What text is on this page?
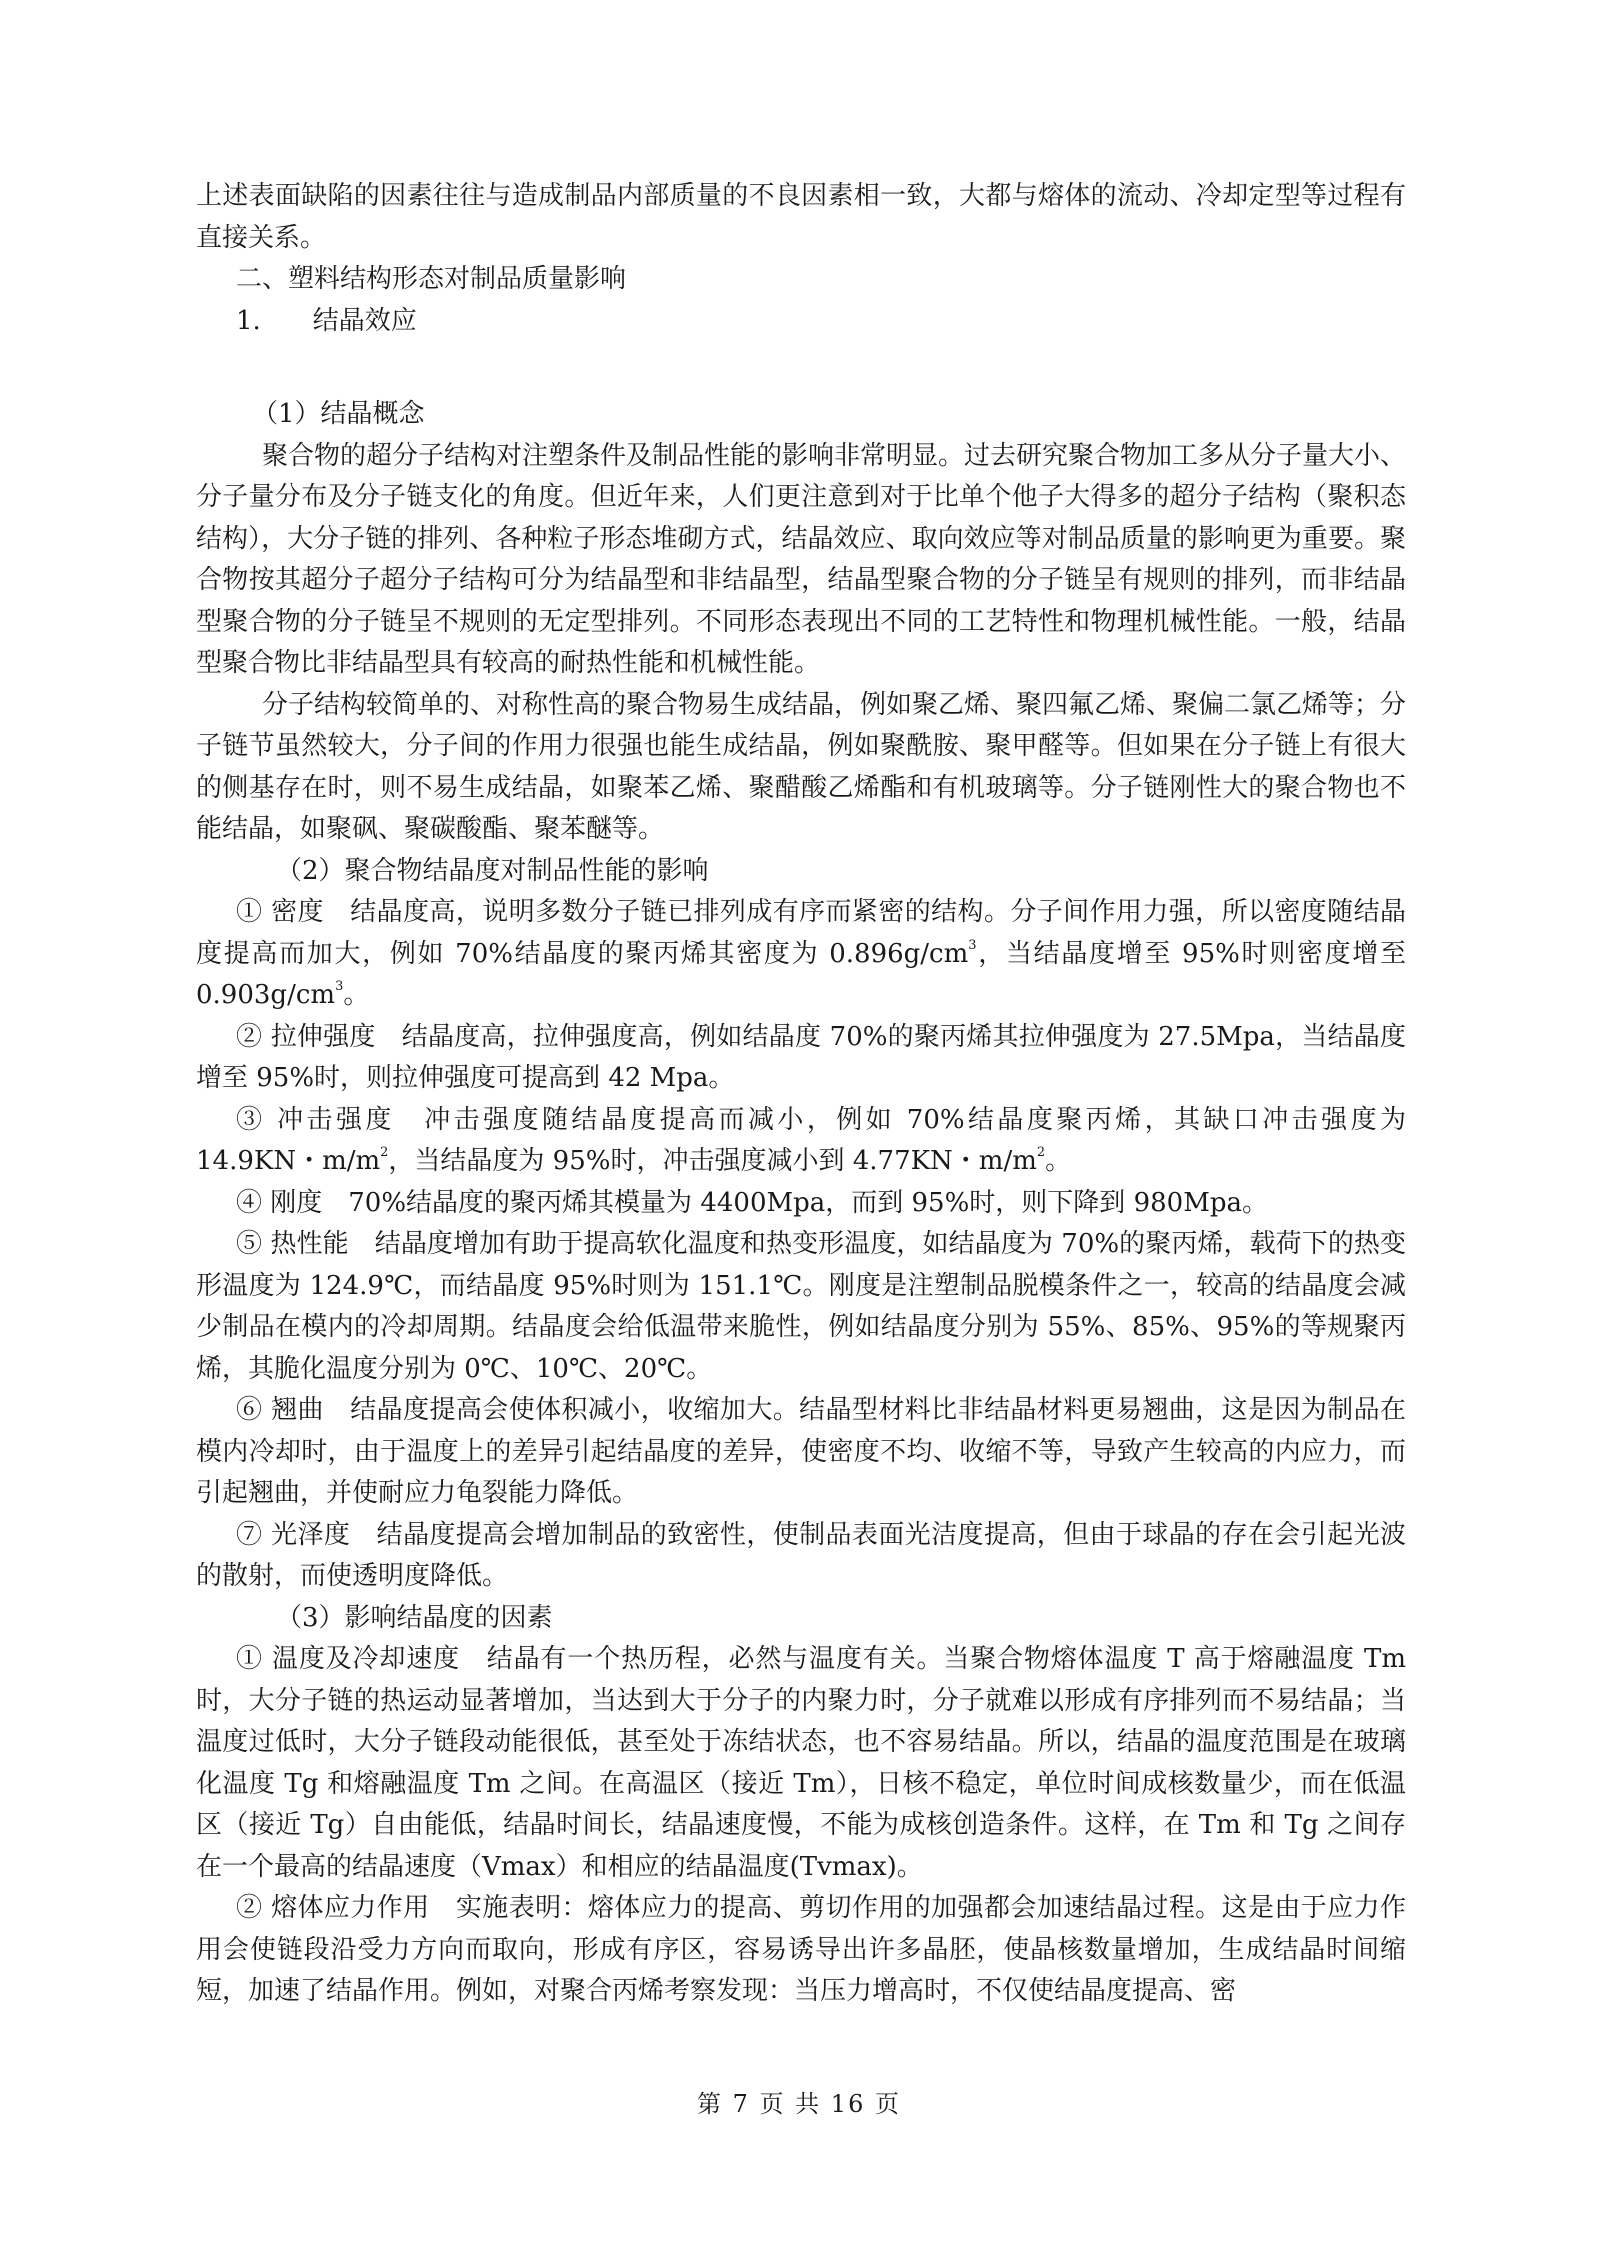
上述表面缺陷的因素往往与造成制品内部质量的不良因素相一致，大都与熔体的流动、冷却定型等过程有直接关系。

二、塑料结构形态对制品质量影响

1.　　结晶效应

（1）结晶概念

聚合物的超分子结构对注塑条件及制品性能的影响非常明显。过去研究聚合物加工多从分子量大小、分子量分布及分子链支化的角度。但近年来，人们更注意到对于比单个他子大得多的超分子结构（聚积态结构），大分子链的排列、各种粒子形态堆砌方式，结晶效应、取向效应等对制品质量的影响更为重要。聚合物按其超分子超分子结构可分为结晶型和非结晶型，结晶型聚合物的分子链呈有规则的排列，而非结晶型聚合物的分子链呈不规则的无定型排列。不同形态表现出不同的工艺特性和物理机械性能。一般，结晶型聚合物比非结晶型具有较高的耐热性能和机械性能。

分子结构较简单的、对称性高的聚合物易生成结晶，例如聚乙烯、聚四氟乙烯、聚偏二氯乙烯等；分子链节虽然较大，分子间的作用力很强也能生成结晶，例如聚酰胺、聚甲醛等。但如果在分子链上有很大的侧基存在时，则不易生成结晶，如聚苯乙烯、聚醋酸乙烯酯和有机玻璃等。分子链刚性大的聚合物也不能结晶，如聚砜、聚碳酸酯、聚苯醚等。

（2）聚合物结晶度对制品性能的影响

① 密度　结晶度高，说明多数分子链已排列成有序而紧密的结构。分子间作用力强，所以密度随结晶度提高而加大，例如 70%结晶度的聚丙烯其密度为 $0.896g/cm^3$，当结晶度增至 95%时则密度增至 $0.903g/cm^3$。

② 拉伸强度　结晶度高，拉伸强度高，例如结晶度 70%的聚丙烯其拉伸强度为 27.5Mpa，当结晶度增至 95%时，则拉伸强度可提高到 42 Mpa。

③ 冲击强度　冲击强度随结晶度提高而减小，例如 70%结晶度聚丙烯，其缺口冲击强度为 14.9KN・$m/m^2$，当结晶度为 95%时，冲击强度减小到 4.77KN・$m/m^2$。

④ 刚度　70%结晶度的聚丙烯其模量为 4400Mpa，而到 95%时，则下降到 980Mpa。

⑤ 热性能　结晶度增加有助于提高软化温度和热变形温度，如结晶度为 70%的聚丙烯，载荷下的热变形温度为 124.9℃，而结晶度 95%时则为 151.1℃。刚度是注塑制品脱模条件之一，较高的结晶度会减少制品在模内的冷却周期。结晶度会给低温带来脆性，例如结晶度分别为 55%、85%、95%的等规聚丙烯，其脆化温度分别为 0℃、10℃、20℃。

⑥ 翘曲　结晶度提高会使体积减小，收缩加大。结晶型材料比非结晶材料更易翘曲，这是因为制品在模内冷却时，由于温度上的差异引起结晶度的差异，使密度不均、收缩不等，导致产生较高的内应力，而引起翘曲，并使耐应力龟裂能力降低。

⑦ 光泽度　结晶度提高会增加制品的致密性，使制品表面光洁度提高，但由于球晶的存在会引起光波的散射，而使透明度降低。

（3）影响结晶度的因素

① 温度及冷却速度　结晶有一个热历程，必然与温度有关。当聚合物熔体温度 T 高于熔融温度 Tm 时，大分子链的热运动显著增加，当达到大于分子的内聚力时，分子就难以形成有序排列而不易结晶；当温度过低时，大分子链段动能很低，甚至处于冻结状态，也不容易结晶。所以，结晶的温度范围是在玻璃化温度 Tg 和熔融温度 Tm 之间。在高温区（接近 Tm），日核不稳定，单位时间成核数量少，而在低温区（接近 Tg）自由能低，结晶时间长，结晶速度慢，不能为成核创造条件。这样，在 Tm 和 Tg 之间存在一个最高的结晶速度（Vmax）和相应的结晶温度(Tvmax)。

② 熔体应力作用　实施表明：熔体应力的提高、剪切作用的加强都会加速结晶过程。这是由于应力作用会使链段沿受力方向而取向，形成有序区，容易诱导出许多晶胚，使晶核数量增加，生成结晶时间缩短，加速了结晶作用。例如，对聚合丙烯考察发现：当压力增高时，不仅使结晶度提高、密

第 7 页 共 16 页
